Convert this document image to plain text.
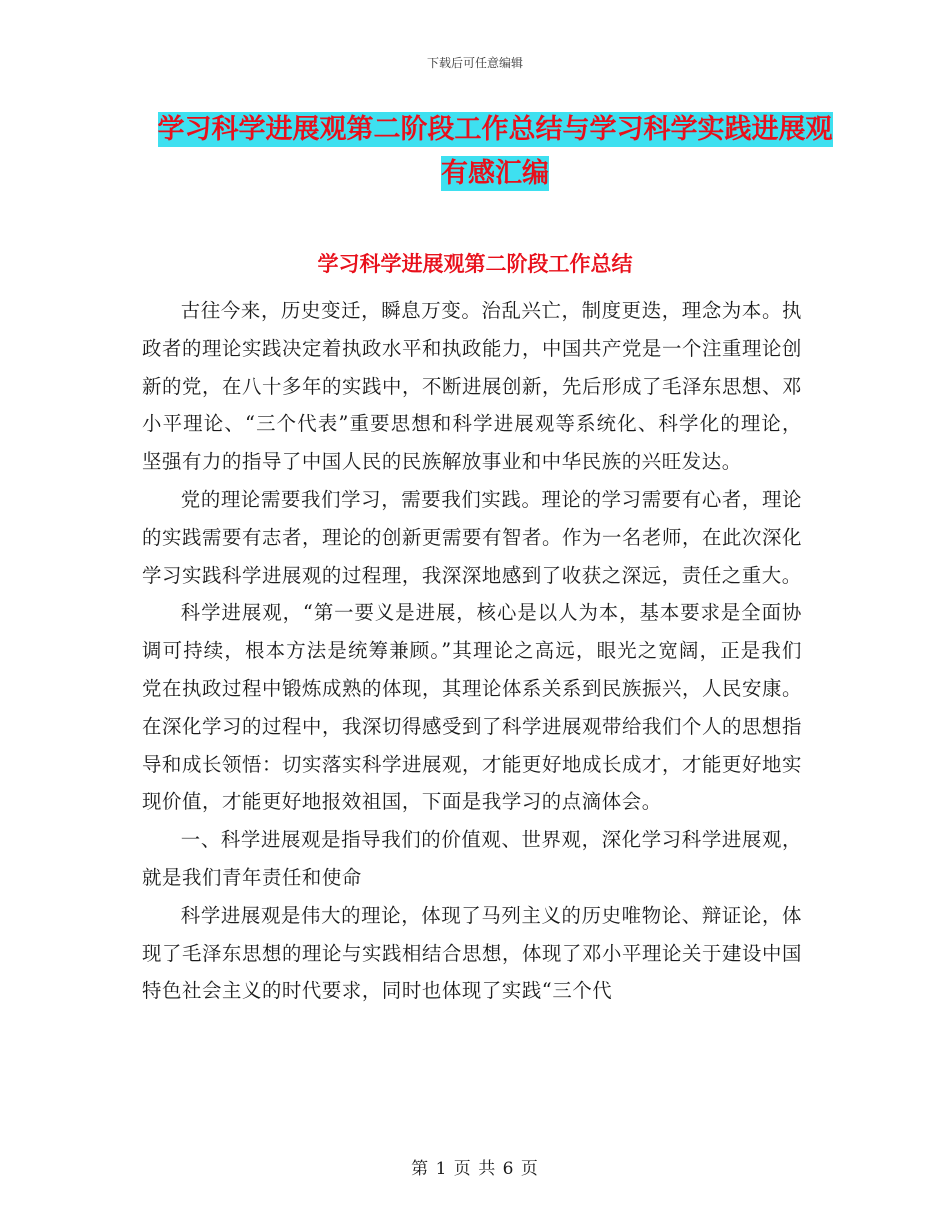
下载后可任意编辑
学习科学进展观第二阶段工作总结与学习科学实践进展观有感汇编
学习科学进展观第二阶段工作总结

古往今来，历史变迁，瞬息万变。治乱兴亡，制度更迭，理念为本。执政者的理论实践决定着执政水平和执政能力，中国共产党是一个注重理论创新的党，在八十多年的实践中，不断进展创新，先后形成了毛泽东思想、邓小平理论、“三个代表”重要思想和科学进展观等系统化、科学化的理论，坚强有力的指导了中国人民的民族解放事业和中华民族的兴旺发达。

党的理论需要我们学习，需要我们实践。理论的学习需要有心者，理论的实践需要有志者，理论的创新更需要有智者。作为一名老师，在此次深化学习实践科学进展观的过程理，我深深地感到了收获之深远，责任之重大。

科学进展观，“第一要义是进展，核心是以人为本，基本要求是全面协调可持续，根本方法是统筹兼顾。”其理论之高远，眼光之宽阔，正是我们党在执政过程中锻炼成熟的体现，其理论体系关系到民族振兴，人民安康。在深化学习的过程中，我深切得感受到了科学进展观带给我们个人的思想指导和成长领悟：切实落实科学进展观，才能更好地成长成才，才能更好地实现价值，才能更好地报效祖国，下面是我学习的点滴体会。

一、科学进展观是指导我们的价值观、世界观，深化学习科学进展观，就是我们青年责任和使命

科学进展观是伟大的理论，体现了马列主义的历史唯物论、辩证论，体现了毛泽东思想的理论与实践相结合思想，体现了邓小平理论关于建设中国特色社会主义的时代要求，同时也体现了实践“三个代

第 1 页 共 6 页
